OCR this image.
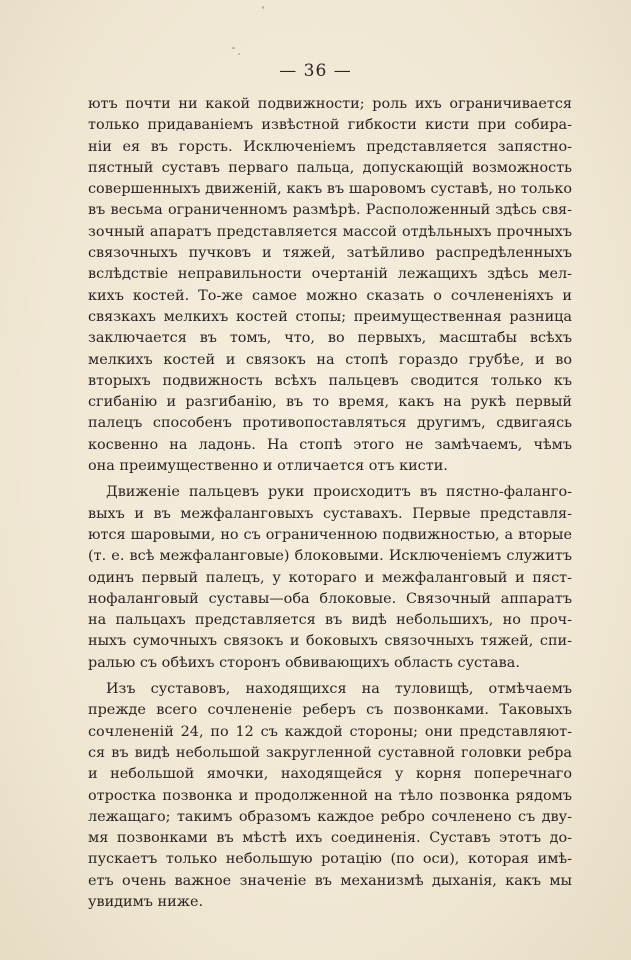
— 36 —
ютъ почти ни какой подвижности; роль ихъ ограничивается
только придаванiемъ извѣстной гибкости кисти при собира-
нiи ея въ горсть. Исключенiемъ представляется запястно-
пястный суставъ перваго пальца, допускающiй возможность
совершенныхъ движенiй, какъ въ шаровомъ суставѣ, но только
въ весьма ограниченномъ размѣрѣ. Расположенный здѣсь свя-
зочный апаратъ представляется массой отдѣльныхъ прочныхъ
связочныхъ пучковъ и тяжей, затѣйливо распредѣленныхъ
вслѣдствiе неправильности очертанiй лежащихъ здѣсь мел-
кихъ костей. То-же самое можно сказать о сочлененiяхъ и
связкахъ мелкихъ костей стопы; преимущественная разница
заключается въ томъ, что, во первыхъ, масштабы всѣхъ
мелкихъ костей и связокъ на стопѣ гораздо грубѣе, и во
вторыхъ подвижность всѣхъ пальцевъ сводится только къ
сгибанiю и разгибанiю, въ то время, какъ на рукѣ первый
палецъ способенъ противопоставляться другимъ, сдвигаясь
косвенно на ладонь. На стопѣ этого не замѣчаемъ, чѣмъ
она преимущественно и отличается отъ кисти.
Движенiе пальцевъ руки происходитъ въ пястно-фаланго-
выхъ и въ межфаланговыхъ суставахъ. Первые представля-
ются шаровыми, но съ ограниченною подвижностью, а вторые
(т. е. всѣ межфаланговые) блоковыми. Исключенiемъ служитъ
одинъ первый палецъ, у котораго и межфаланговый и пяст-
нофаланговый суставы—оба блоковые. Связочный аппаратъ
на пальцахъ представляется въ видѣ небольшихъ, но проч-
ныхъ сумочныхъ связокъ и боковыхъ связочныхъ тяжей, спи-
ралью съ обѣихъ сторонъ обвивающихъ область сустава.
Изъ суставовъ, находящихся на туловищѣ, отмѣчаемъ
прежде всего сочлененiе реберъ съ позвонками. Таковыхъ
сочлененiй 24, по 12 съ каждой стороны; они представляют-
ся въ видѣ небольшой закругленной суставной головки ребра
и небольшой ямочки, находящейся у корня поперечнаго
отростка позвонка и продолженной на тѣло позвонка рядомъ
лежащаго; такимъ образомъ каждое ребро сочленено съ дву-
мя позвонками въ мѣстѣ ихъ соединенiя. Суставъ этотъ до-
пускаетъ только небольшую ротацiю (по оси), которая имѣ-
етъ очень важное значенiе въ механизмѣ дыханiя, какъ мы
увидимъ ниже.
